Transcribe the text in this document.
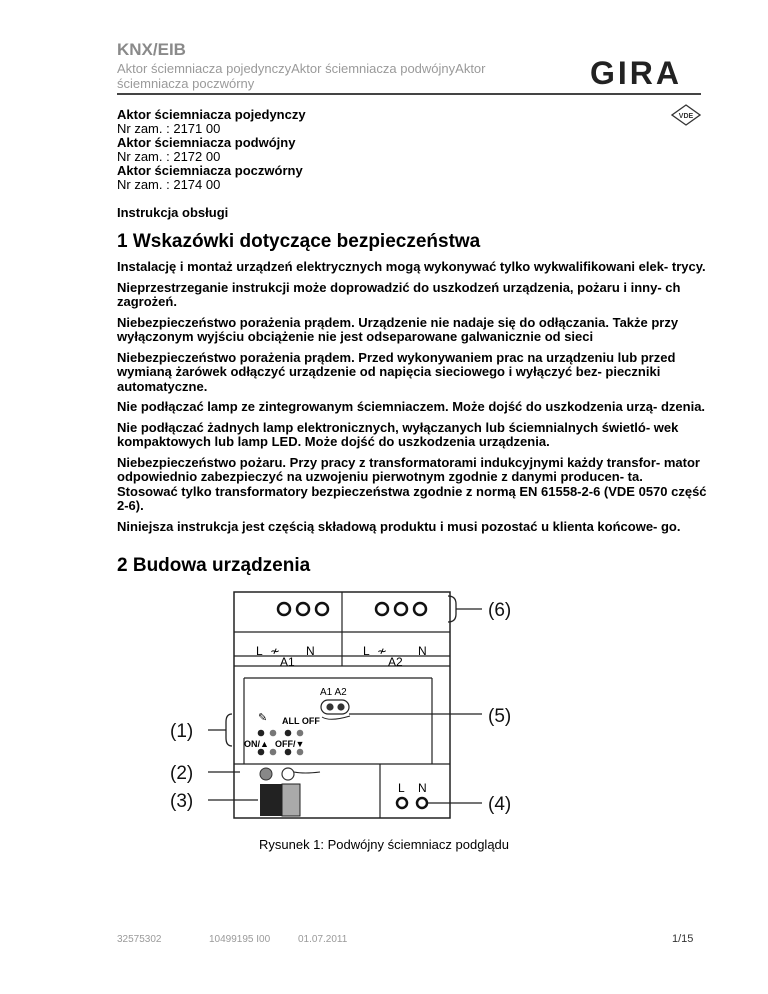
KNX/EIB
Aktor ściemniacza pojedynczyAktor ściemniacza podwójnyAktor ściemniacza poczwórny	GIRA
VDE
Aktor ściemniacza pojedynczy
Nr zam. : 2171 00
Aktor ściemniacza podwójny
Nr zam. : 2172 00
Aktor ściemniacza poczwórny
Nr zam. : 2174 00
Instrukcja obsługi
1 Wskazówki dotyczące bezpieczeństwa

Instalację i montaż urządzeń elektrycznych mogą wykonywać tylko wykwalifikowani elek- trycy.

Nieprzestrzeganie instrukcji może doprowadzić do uszkodzeń urządzenia, pożaru i inny- ch zagrożeń.

Niebezpieczeństwo porażenia prądem. Urządzenie nie nadaje się do odłączania. Także przy wyłączonym wyjściu obciążenie nie jest odseparowane galwanicznie od sieci

Niebezpieczeństwo porażenia prądem. Przed wykonywaniem prac na urządzeniu lub przed wymianą żarówek odłączyć urządzenie od napięcia sieciowego i wyłączyć bez- pieczniki automatyczne.

Nie podłączać lamp ze zintegrowanym ściemniaczem. Może dojść do uszkodzenia urzą- dzenia.

Nie podłączać żadnych lamp elektronicznych, wyłączanych lub ściemnialnych świetló- wek kompaktowych lub lamp LED. Może dojść do uszkodzenia urządzenia.

Niebezpieczeństwo pożaru. Przy pracy z transformatorami indukcyjnymi każdy transfor- mator odpowiednio zabezpieczyć na uzwojeniu pierwotnym zgodnie z danymi producen- ta. Stosować tylko transformatory bezpieczeństwa zgodnie z normą EN 61558-2-6 (VDE 0570 część 2-6).

Niniejsza instrukcja jest częścią składową produktu i musi pozostać u klienta końcowe- go.

2 Budowa urządzenia
(6)
L ≁ N
A1
L ≁	N
A2
A1 A2
(5)
✎ ALL OFF
ON/▲ OFF/▼
(1)
(2)
(3)
L N
(4)
Rysunek 1: Podwójny ściemniacz podglądu
32575302	10499195 I00	01.07.2011	1/15
